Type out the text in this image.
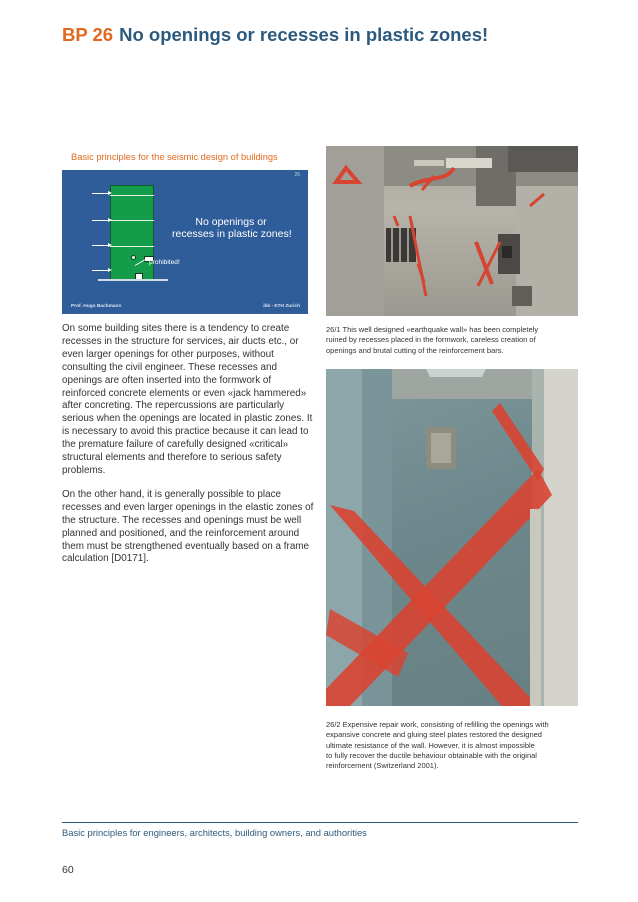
BP 26 No openings or recesses in plastic zones!
Basic principles for the seismic design of buildings
26
prohibited!
No openings or
recesses in plastic zones!
Prof. Hugo Bachmann	ibk - ETH Zurich

On some building sites there is a tendency to create recesses in the structure for services, air ducts etc., or even larger openings for other purposes, without consulting the civil engineer. These recesses and openings are often inserted into the formwork of reinforced concrete elements or even «jack hammered» after concreting. The repercussions are particularly serious when the openings are located in plastic zones. It is necessary to avoid this practice because it can lead to the premature failure of carefully designed «critical» structural elements and therefore to serious safety problems.

On the other hand, it is generally possible to place recesses and even larger openings in the elastic zones of the structure. The recesses and openings must be well planned and positioned, and the reinforcement around them must be strengthened eventually based on a frame calculation [D0171].

26/1 This well designed «earthquake wall» has been completely
ruined by recesses placed in the formwork, careless creation of
openings and brutal cutting of the reinforcement bars.
26/2 Expensive repair work, consisting of refilling the openings with
expansive concrete and gluing steel plates restored the designed
ultimate resistance of the wall. However, it is almost impossible
to fully recover the ductile behaviour obtainable with the original
reinforcement (Switzerland 2001).
Basic principles for engineers, architects, building owners, and authorities
60
